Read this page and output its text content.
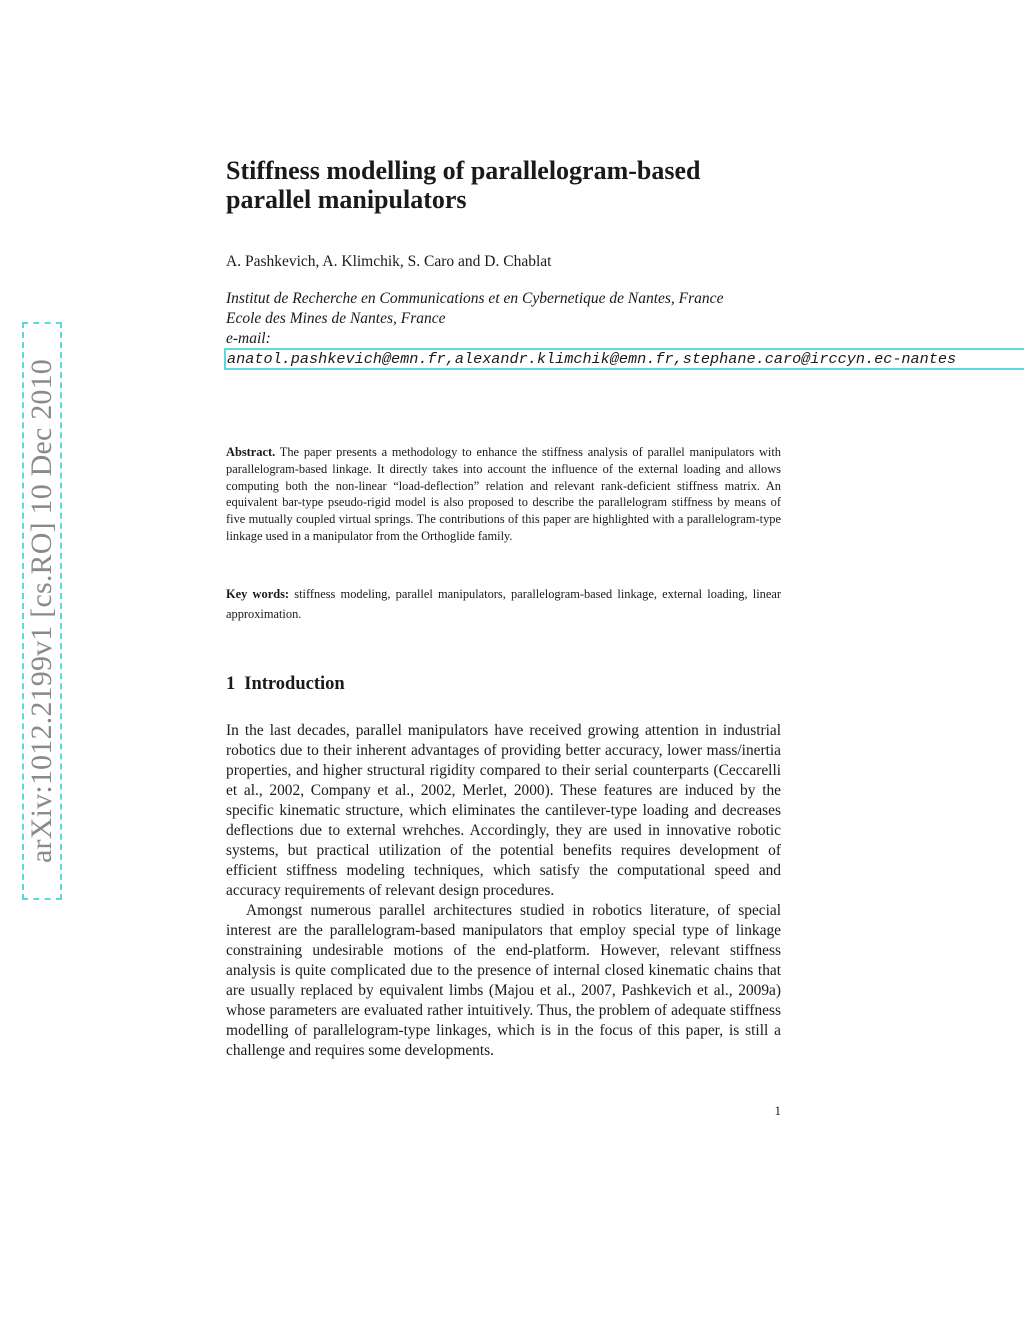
arXiv:1012.2199v1 [cs.RO] 10 Dec 2010
Stiffness modelling of parallelogram-based parallel manipulators

A. Pashkevich, A. Klimchik, S. Caro and D. Chablat

Institut de Recherche en Communications et en Cybernetique de Nantes, France
Ecole des Mines de Nantes, France
e-mail:
anatol.pashkevich@emn.fr,alexandr.klimchik@emn.fr,stephane.caro@irccyn.ec-nantes

Abstract. The paper presents a methodology to enhance the stiffness analysis of parallel manipulators with parallelogram-based linkage. It directly takes into account the influence of the external loading and allows computing both the non-linear “load-deflection” relation and relevant rank-deficient stiffness matrix. An equivalent bar-type pseudo-rigid model is also proposed to describe the parallelogram stiffness by means of five mutually coupled virtual springs. The contributions of this paper are highlighted with a parallelogram-type linkage used in a manipulator from the Orthoglide family.

Key words: stiffness modeling, parallel manipulators, parallelogram-based linkage, external loading, linear approximation.

1 Introduction

In the last decades, parallel manipulators have received growing attention in industrial robotics due to their inherent advantages of providing better accuracy, lower mass/inertia properties, and higher structural rigidity compared to their serial counterparts (Ceccarelli et al., 2002, Company et al., 2002, Merlet, 2000). These features are induced by the specific kinematic structure, which eliminates the cantilever-type loading and decreases deflections due to external wrehches. Accordingly, they are used in innovative robotic systems, but practical utilization of the potential benefits requires development of efficient stiffness modeling techniques, which satisfy the computational speed and accuracy requirements of relevant design procedures.

Amongst numerous parallel architectures studied in robotics literature, of special interest are the parallelogram-based manipulators that employ special type of linkage constraining undesirable motions of the end-platform. However, relevant stiffness analysis is quite complicated due to the presence of internal closed kinematic chains that are usually replaced by equivalent limbs (Majou et al., 2007, Pashkevich et al., 2009a) whose parameters are evaluated rather intuitively. Thus, the problem of adequate stiffness modelling of parallelogram-type linkages, which is in the focus of this paper, is still a challenge and requires some developments.

1
